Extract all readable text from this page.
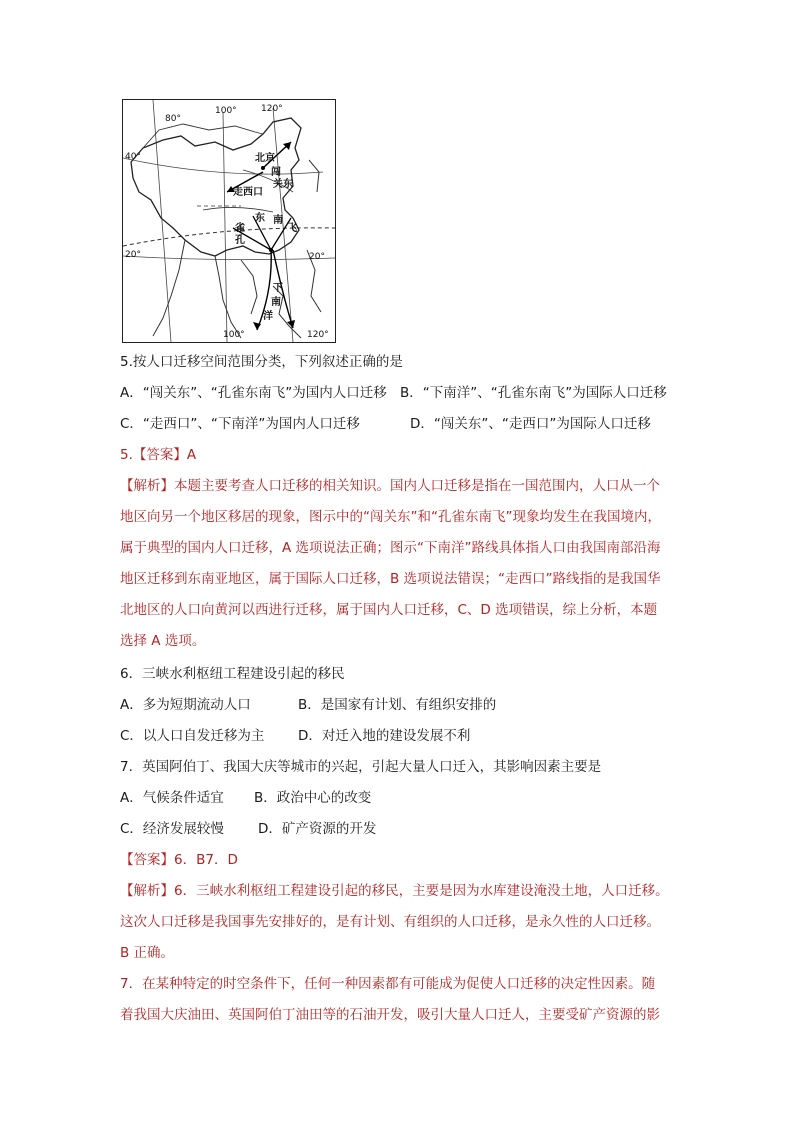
80°
100°	120°
40°
20°	20°
100°	120°
北京
闯
关东
走西口
东 南
飞
雀
孔
下
南
洋
5.按人口迁移空间范围分类，下列叙述正确的是
A．“闯关东”、“孔雀东南飞”为国内人口迁移 B．“下南洋”、“孔雀东南飞”为国际人口迁移
C．“走西口”、“下南洋”为国内人口迁移	D．“闯关东”、“走西口”为国际人口迁移
5.【答案】A
【解析】本题主要考查人口迁移的相关知识。国内人口迁移是指在一国范围内，人口从一个
地区向另一个地区移居的现象，图示中的“闯关东”和“孔雀东南飞”现象均发生在我国境内，
属于典型的国内人口迁移，A 选项说法正确；图示“下南洋”路线具体指人口由我国南部沿海
地区迁移到东南亚地区，属于国际人口迁移，B 选项说法错误；“走西口”路线指的是我国华
北地区的人口向黄河以西进行迁移，属于国内人口迁移，C、D 选项错误，综上分析，本题
选择 A 选项。
6．三峡水利枢纽工程建设引起的移民
A．多为短期流动人口	B．是国家有计划、有组织安排的
C．以人口自发迁移为主 D．对迁入地的建设发展不利
7．英国阿伯丁、我国大庆等城市的兴起，引起大量人口迁入，其影响因素主要是
A．气候条件适宜 B．政治中心的改变
C．经济发展较慢	D．矿产资源的开发
【答案】6．B7．D
【解析】6．三峡水利枢纽工程建设引起的移民，主要是因为水库建设淹没土地，人口迁移。
这次人口迁移是我国事先安排好的，是有计划、有组织的人口迁移，是永久性的人口迁移。
B 正确。
7．在某种特定的时空条件下，任何一种因素都有可能成为促使人口迁移的决定性因素。随
着我国大庆油田、英国阿伯丁油田等的石油开发，吸引大量人口迁人，主要受矿产资源的影
